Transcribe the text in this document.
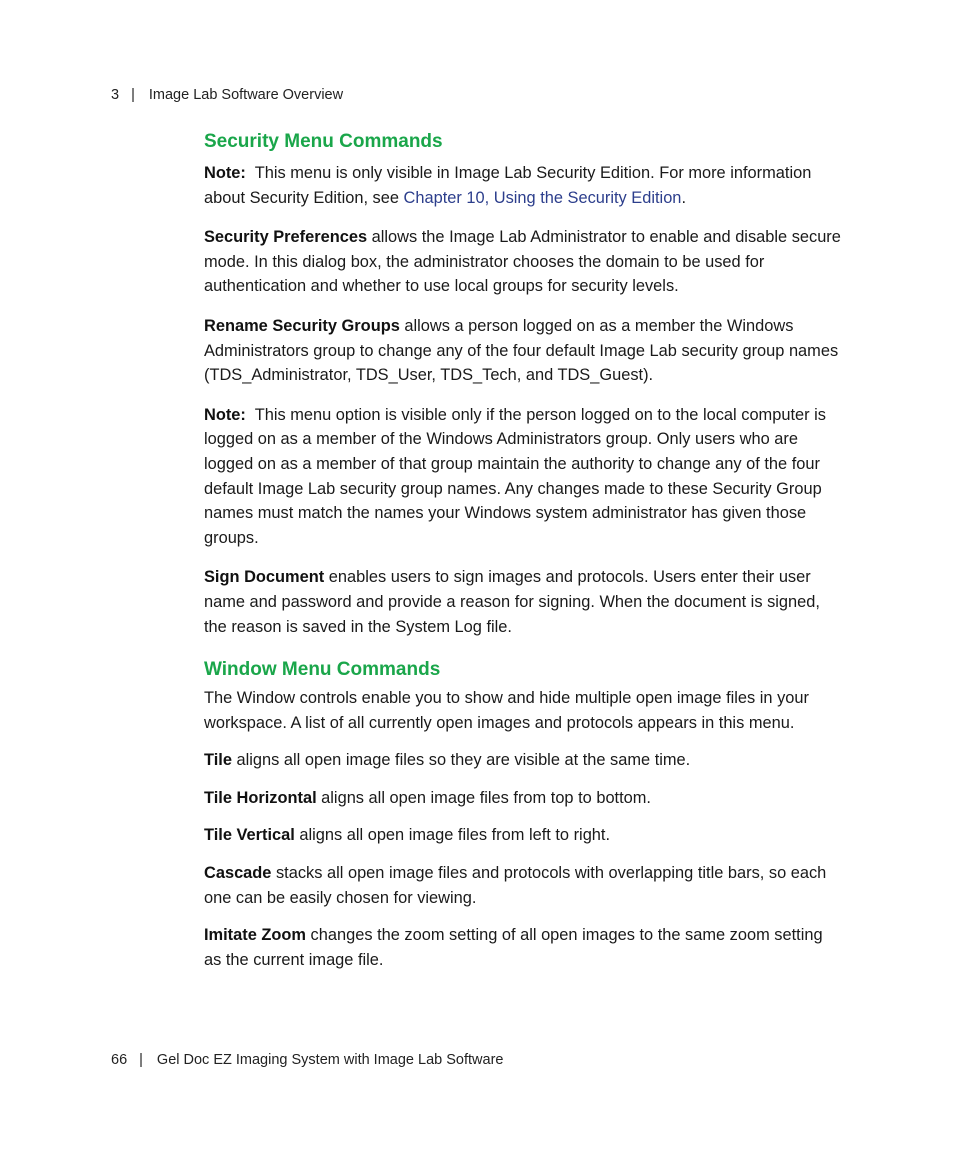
3 | Image Lab Software Overview
Security Menu Commands

Note: This menu is only visible in Image Lab Security Edition. For more information about Security Edition, see Chapter 10, Using the Security Edition.

Security Preferences allows the Image Lab Administrator to enable and disable secure mode. In this dialog box, the administrator chooses the domain to be used for authentication and whether to use local groups for security levels.

Rename Security Groups allows a person logged on as a member the Windows Administrators group to change any of the four default Image Lab security group names (TDS_Administrator, TDS_User, TDS_Tech, and TDS_Guest).

Note: This menu option is visible only if the person logged on to the local computer is logged on as a member of the Windows Administrators group. Only users who are logged on as a member of that group maintain the authority to change any of the four default Image Lab security group names. Any changes made to these Security Group names must match the names your Windows system administrator has given those groups.

Sign Document enables users to sign images and protocols. Users enter their user name and password and provide a reason for signing. When the document is signed, the reason is saved in the System Log file.

Window Menu Commands

The Window controls enable you to show and hide multiple open image files in your workspace. A list of all currently open images and protocols appears in this menu.

Tile aligns all open image files so they are visible at the same time.

Tile Horizontal aligns all open image files from top to bottom.

Tile Vertical aligns all open image files from left to right.

Cascade stacks all open image files and protocols with overlapping title bars, so each one can be easily chosen for viewing.

Imitate Zoom changes the zoom setting of all open images to the same zoom setting as the current image file.

66 | Gel Doc EZ Imaging System with Image Lab Software
